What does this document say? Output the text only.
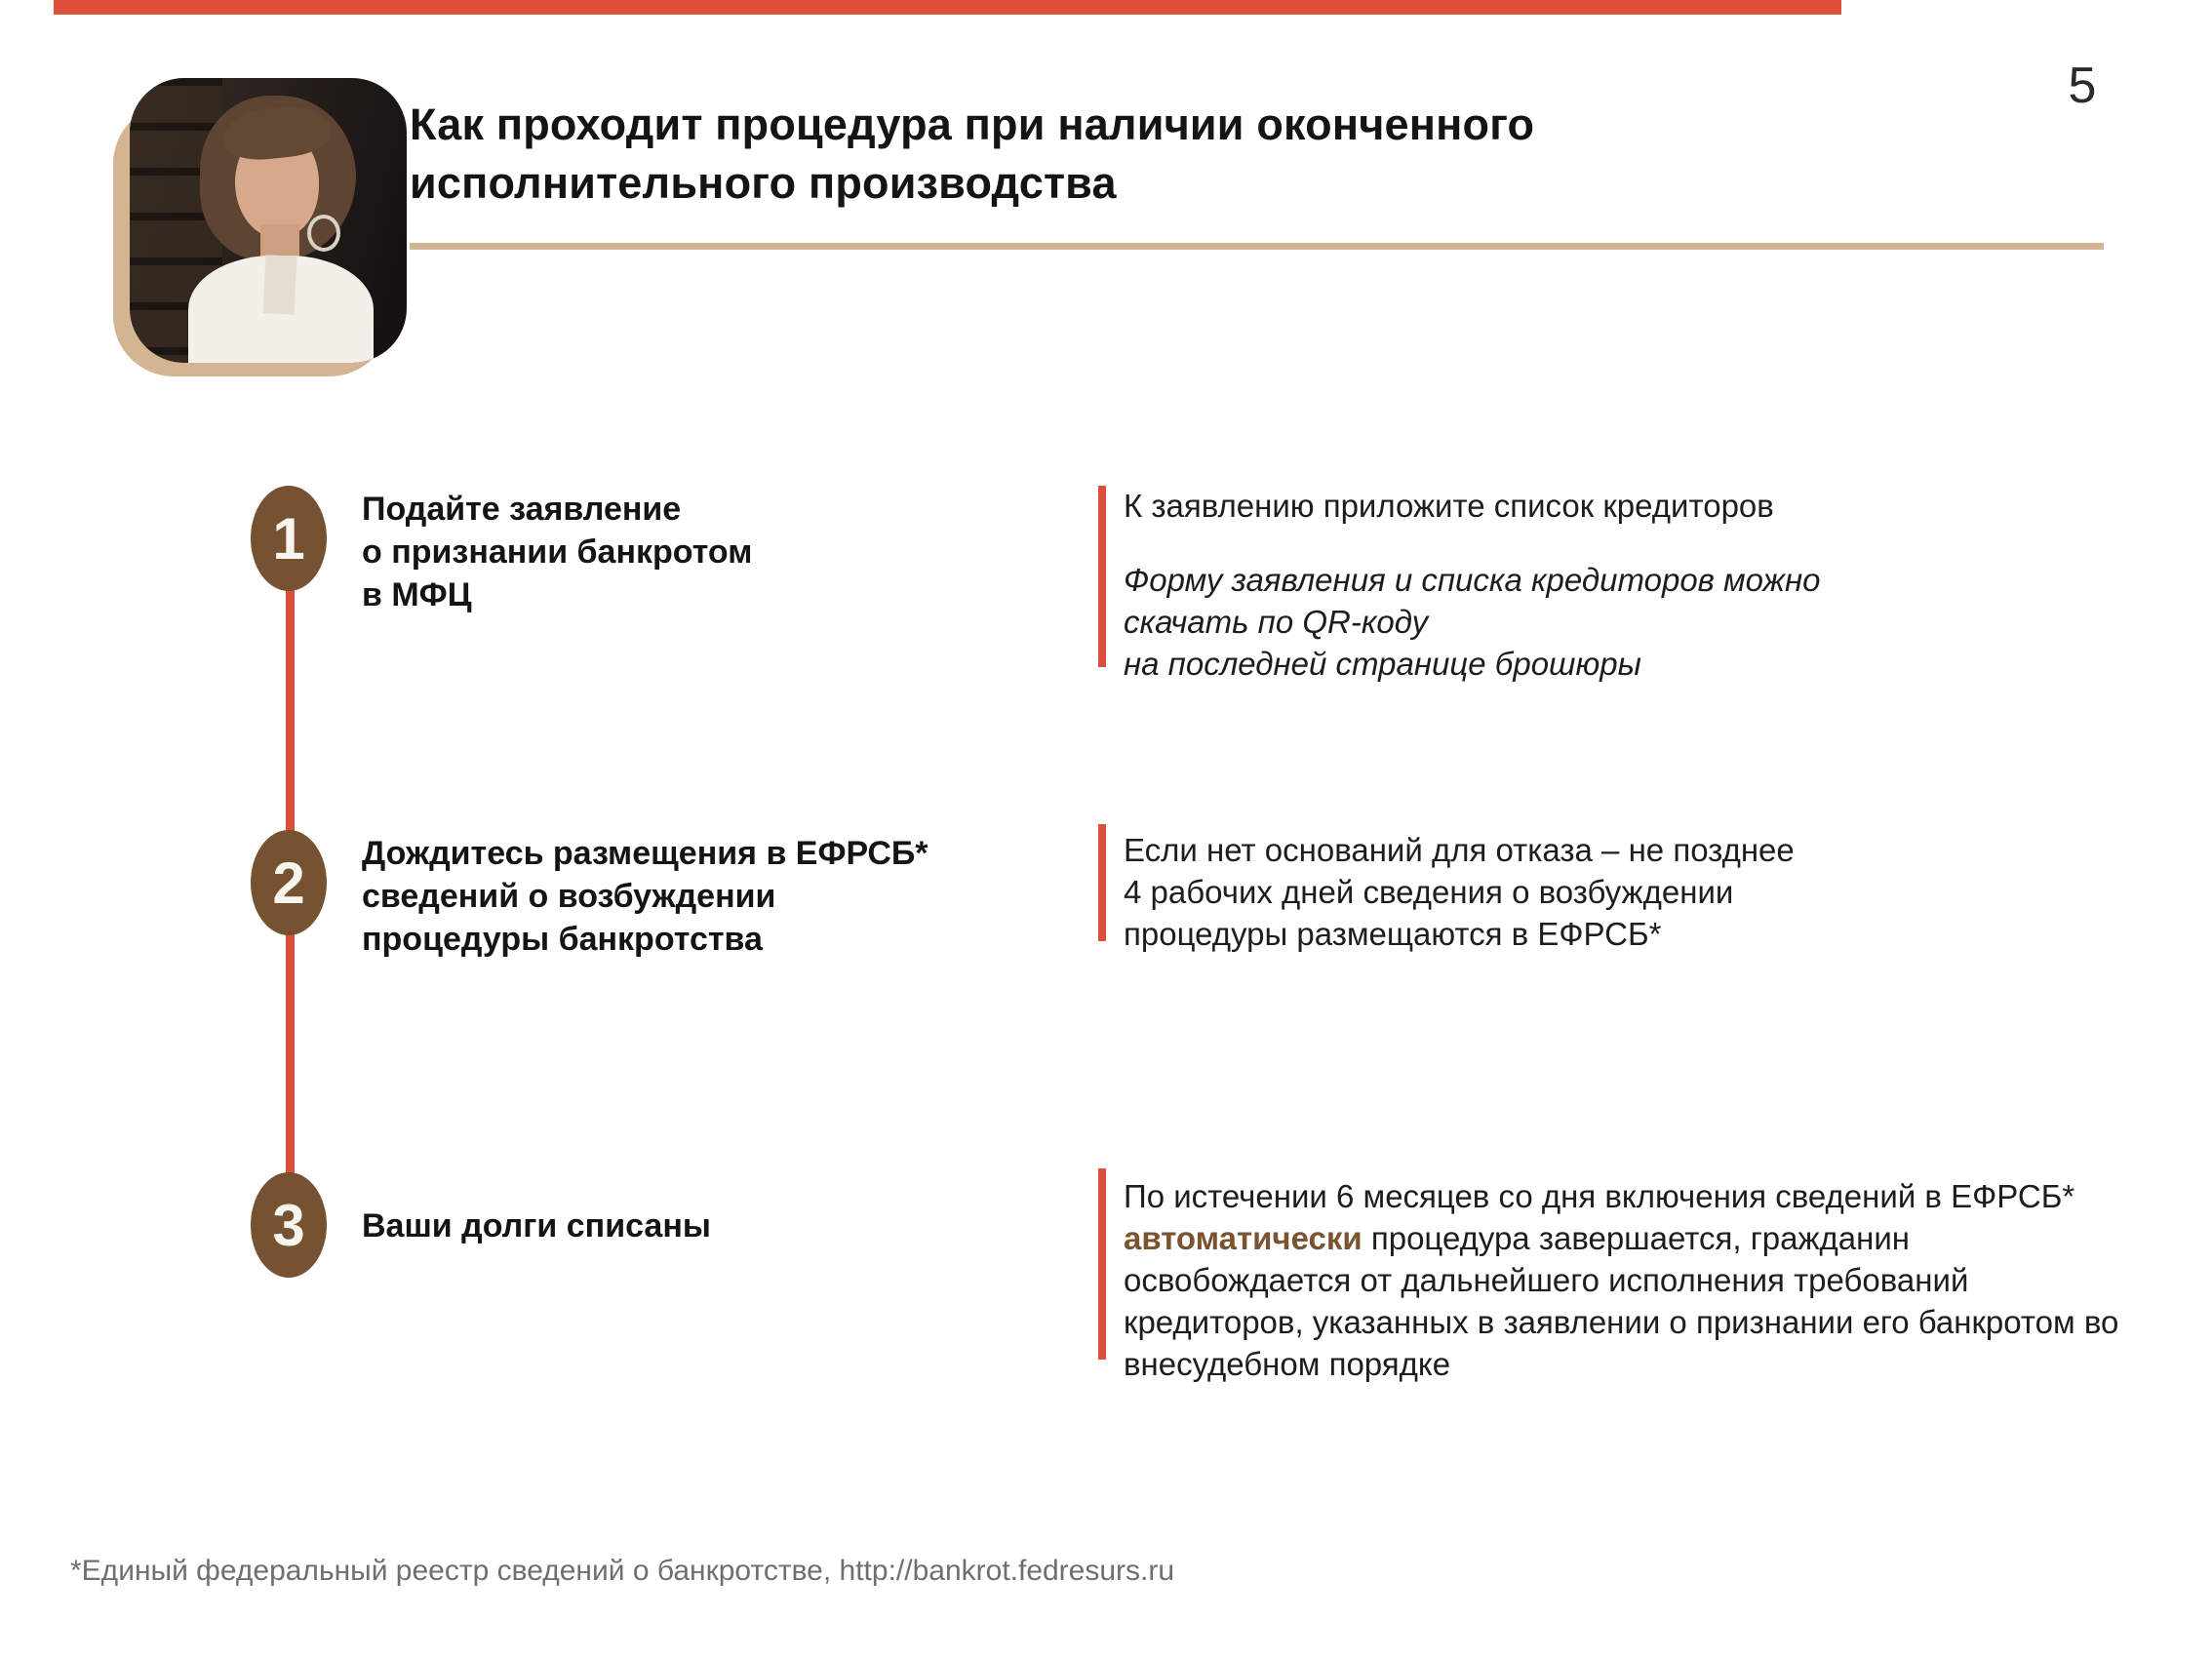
5
Как проходит процедура при наличии оконченного
исполнительного производства
1
2
3
Подайте заявление
о признании банкротом
в МФЦ
Дождитесь размещения в ЕФРСБ*
сведений о возбуждении
процедуры банкротства
Ваши долги списаны

К заявлению приложите список кредиторов

Форму заявления и списка кредиторов можно
скачать по QR-коду
на последней странице брошюры
Если нет оснований для отказа – не позднее
4 рабочих дней сведения о возбуждении
процедуры размещаются в ЕФРСБ*

По истечении 6 месяцев со дня включения сведений в ЕФРСБ* автоматически процедура завершается, гражданин освобождается от дальнейшего исполнения требований кредиторов, указанных в заявлении о признании его банкротом во внесудебном порядке

*Единый федеральный реестр сведений о банкротстве, http://bankrot.fedresurs.ru
